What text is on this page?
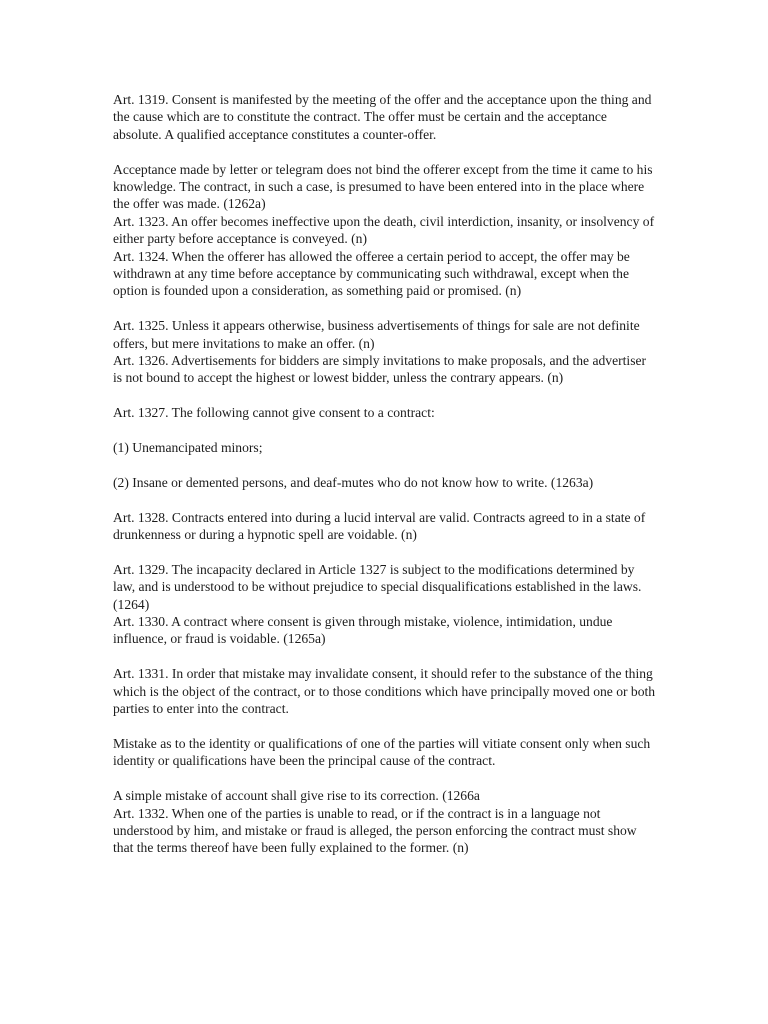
Art. 1319. Consent is manifested by the meeting of the offer and the acceptance upon the thing and the cause which are to constitute the contract. The offer must be certain and the acceptance absolute. A qualified acceptance constitutes a counter-offer.

Acceptance made by letter or telegram does not bind the offerer except from the time it came to his knowledge. The contract, in such a case, is presumed to have been entered into in the place where the offer was made. (1262a)

Art. 1323. An offer becomes ineffective upon the death, civil interdiction, insanity, or insolvency of either party before acceptance is conveyed. (n)

Art. 1324. When the offerer has allowed the offeree a certain period to accept, the offer may be withdrawn at any time before acceptance by communicating such withdrawal, except when the option is founded upon a consideration, as something paid or promised. (n)

Art. 1325. Unless it appears otherwise, business advertisements of things for sale are not definite offers, but mere invitations to make an offer. (n)

Art. 1326. Advertisements for bidders are simply invitations to make proposals, and the advertiser is not bound to accept the highest or lowest bidder, unless the contrary appears. (n)

Art. 1327. The following cannot give consent to a contract:

(1) Unemancipated minors;

(2) Insane or demented persons, and deaf-mutes who do not know how to write. (1263a)

Art. 1328. Contracts entered into during a lucid interval are valid. Contracts agreed to in a state of drunkenness or during a hypnotic spell are voidable. (n)

Art. 1329. The incapacity declared in Article 1327 is subject to the modifications determined by law, and is understood to be without prejudice to special disqualifications established in the laws. (1264)

Art. 1330. A contract where consent is given through mistake, violence, intimidation, undue influence, or fraud is voidable. (1265a)

Art. 1331. In order that mistake may invalidate consent, it should refer to the substance of the thing which is the object of the contract, or to those conditions which have principally moved one or both parties to enter into the contract.

Mistake as to the identity or qualifications of one of the parties will vitiate consent only when such identity or qualifications have been the principal cause of the contract.

A simple mistake of account shall give rise to its correction. (1266a

Art. 1332. When one of the parties is unable to read, or if the contract is in a language not understood by him, and mistake or fraud is alleged, the person enforcing the contract must show that the terms thereof have been fully explained to the former. (n)
